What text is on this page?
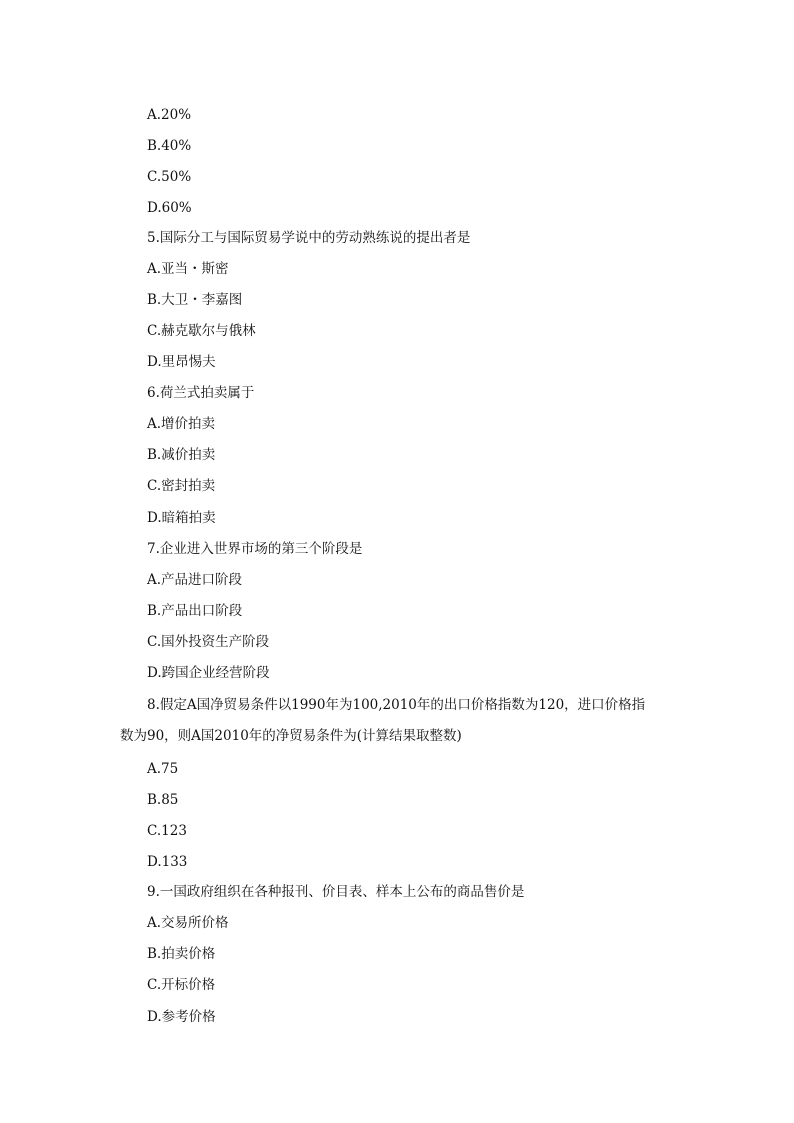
A.20%
B.40%
C.50%
D.60%
5.国际分工与国际贸易学说中的劳动熟练说的提出者是
A.亚当・斯密
B.大卫・李嘉图
C.赫克歇尔与俄林
D.里昂惕夫
6.荷兰式拍卖属于
A.增价拍卖
B.减价拍卖
C.密封拍卖
D.暗箱拍卖
7.企业进入世界市场的第三个阶段是
A.产品进口阶段
B.产品出口阶段
C.国外投资生产阶段
D.跨国企业经营阶段
8.假定A国净贸易条件以1990年为100,2010年的出口价格指数为120，进口价格指
数为90，则A国2010年的净贸易条件为(计算结果取整数)
A.75
B.85
C.123
D.133
9.一国政府组织在各种报刊、价目表、样本上公布的商品售价是
A.交易所价格
B.拍卖价格
C.开标价格
D.参考价格
